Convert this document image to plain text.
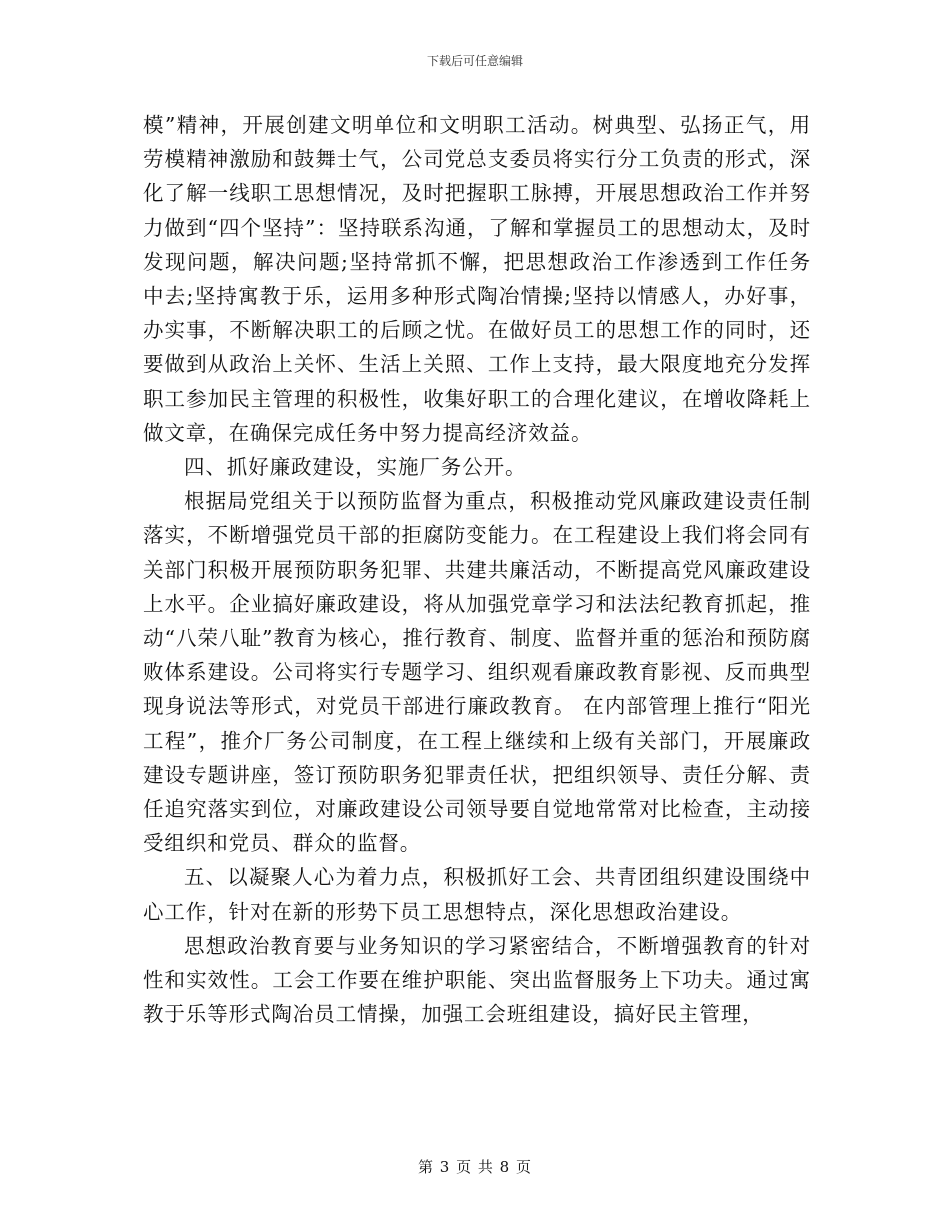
下载后可任意编辑

模”精神，开展创建文明单位和文明职工活动。树典型、弘扬正气，用劳模精神激励和鼓舞士气，公司党总支委员将实行分工负责的形式，深化了解一线职工思想情况，及时把握职工脉搏，开展思想政治工作并努力做到“四个坚持”：坚持联系沟通，了解和掌握员工的思想动太，及时发现问题，解决问题;坚持常抓不懈，把思想政治工作渗透到工作任务中去;坚持寓教于乐，运用多种形式陶冶情操;坚持以情感人，办好事，办实事，不断解决职工的后顾之忧。在做好员工的思想工作的同时，还要做到从政治上关怀、生活上关照、工作上支持，最大限度地充分发挥职工参加民主管理的积极性，收集好职工的合理化建议，在增收降耗上做文章，在确保完成任务中努力提高经济效益。

四、抓好廉政建设，实施厂务公开。

根据局党组关于以预防监督为重点，积极推动党风廉政建设责任制落实，不断增强党员干部的拒腐防变能力。在工程建设上我们将会同有关部门积极开展预防职务犯罪、共建共廉活动，不断提高党风廉政建设上水平。企业搞好廉政建设，将从加强党章学习和法法纪教育抓起，推动“八荣八耻”教育为核心，推行教育、制度、监督并重的惩治和预防腐败体系建设。公司将实行专题学习、组织观看廉政教育影视、反而典型现身说法等形式，对党员干部进行廉政教育。 在内部管理上推行“阳光工程”，推介厂务公司制度，在工程上继续和上级有关部门，开展廉政建设专题讲座，签订预防职务犯罪责任状，把组织领导、责任分解、责任追究落实到位，对廉政建设公司领导要自觉地常常对比检查，主动接受组织和党员、群众的监督。

五、以凝聚人心为着力点，积极抓好工会、共青团组织建设围绕中心工作，针对在新的形势下员工思想特点，深化思想政治建设。

思想政治教育要与业务知识的学习紧密结合，不断增强教育的针对性和实效性。工会工作要在维护职能、突出监督服务上下功夫。通过寓教于乐等形式陶冶员工情操，加强工会班组建设，搞好民主管理，

第 3 页 共 8 页
